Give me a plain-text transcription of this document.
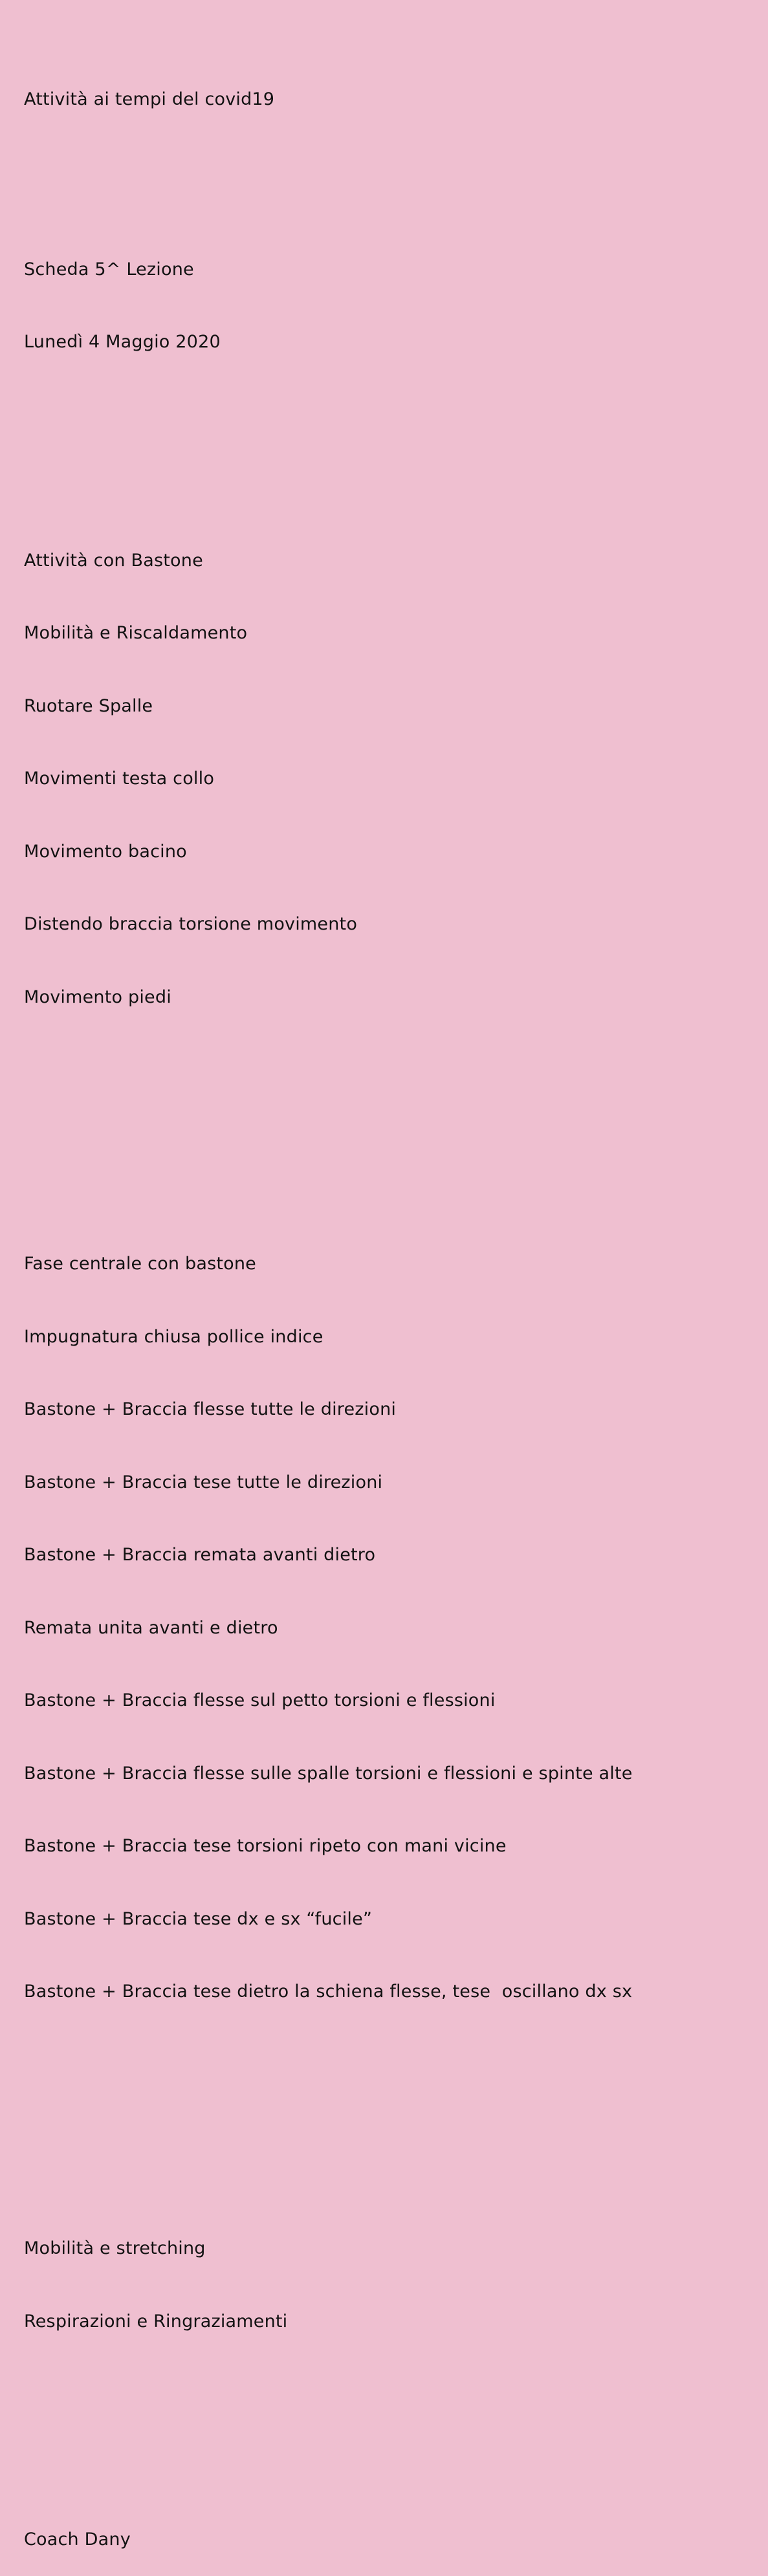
Attività ai tempi del covid19

Scheda 5^ Lezione

Lunedì 4 Maggio 2020

Attività con Bastone

Mobilità e Riscaldamento

Ruotare Spalle

Movimenti testa collo

Movimento bacino

Distendo braccia torsione movimento

Movimento piedi

Fase centrale con bastone

Impugnatura chiusa pollice indice

Bastone + Braccia flesse tutte le direzioni

Bastone + Braccia tese tutte le direzioni

Bastone + Braccia remata avanti dietro

Remata unita avanti e dietro

Bastone + Braccia flesse sul petto torsioni e flessioni

Bastone + Braccia flesse sulle spalle torsioni e flessioni e spinte alte

Bastone + Braccia tese torsioni ripeto con mani vicine

Bastone + Braccia tese dx e sx “fucile”

Bastone + Braccia tese dietro la schiena flesse, tese  oscillano dx sx

Mobilità e stretching

Respirazioni e Ringraziamenti

Coach Dany
